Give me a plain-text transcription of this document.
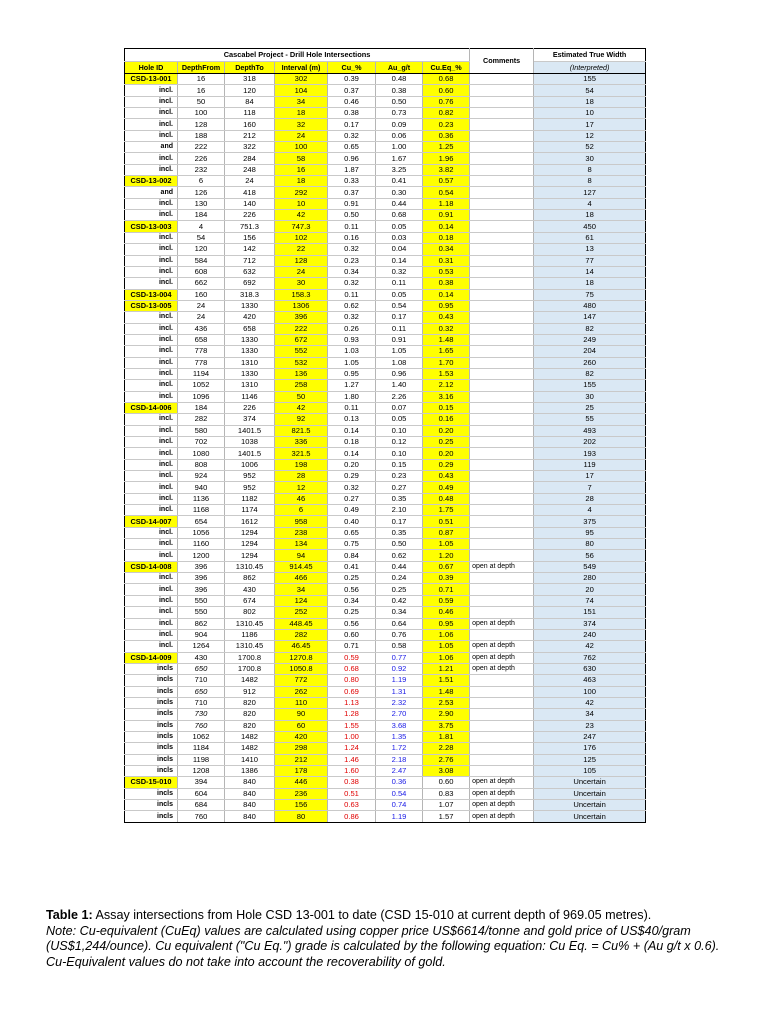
Cascabel Project - Drill Hole Intersections							Comments	Estimated True Width
Hole ID	DepthFrom	DepthTo	Interval (m)	Cu_%	Au_g/t	Cu.Eq_%		(Interpreted)
CSD-13-001	16	318	302	0.39	0.48	0.68		155
incl.	16	120	104	0.37	0.38	0.60		54
incl.	50	84	34	0.46	0.50	0.76		18
incl.	100	118	18	0.38	0.73	0.82		10
incl.	128	160	32	0.17	0.09	0.23		17
incl.	188	212	24	0.32	0.06	0.36		12
and	222	322	100	0.65	1.00	1.25		52
incl.	226	284	58	0.96	1.67	1.96		30
incl.	232	248	16	1.87	3.25	3.82		8
CSD-13-002	6	24	18	0.33	0.41	0.57		8
and	126	418	292	0.37	0.30	0.54		127
incl.	130	140	10	0.91	0.44	1.18		4
incl.	184	226	42	0.50	0.68	0.91		18
CSD-13-003	4	751.3	747.3	0.11	0.05	0.14		450
incl.	54	156	102	0.16	0.03	0.18		61
incl.	120	142	22	0.32	0.04	0.34		13
incl.	584	712	128	0.23	0.14	0.31		77
incl.	608	632	24	0.34	0.32	0.53		14
incl.	662	692	30	0.32	0.11	0.38		18
CSD-13-004	160	318.3	158.3	0.11	0.05	0.14		75
CSD-13-005	24	1330	1306	0.62	0.54	0.95		480
incl.	24	420	396	0.32	0.17	0.43		147
incl.	436	658	222	0.26	0.11	0.32		82
incl.	658	1330	672	0.93	0.91	1.48		249
incl.	778	1330	552	1.03	1.05	1.65		204
incl.	778	1310	532	1.05	1.08	1.70		260
incl.	1194	1330	136	0.95	0.96	1.53		82
incl.	1052	1310	258	1.27	1.40	2.12		155
incl.	1096	1146	50	1.80	2.26	3.16		30
CSD-14-006	184	226	42	0.11	0.07	0.15		25
incl.	282	374	92	0.13	0.05	0.16		55
incl.	580	1401.5	821.5	0.14	0.10	0.20		493
incl.	702	1038	336	0.18	0.12	0.25		202
incl.	1080	1401.5	321.5	0.14	0.10	0.20		193
incl.	808	1006	198	0.20	0.15	0.29		119
incl.	924	952	28	0.29	0.23	0.43		17
incl.	940	952	12	0.32	0.27	0.49		7
incl.	1136	1182	46	0.27	0.35	0.48		28
incl.	1168	1174	6	0.49	2.10	1.75		4
CSD-14-007	654	1612	958	0.40	0.17	0.51		375
incl.	1056	1294	238	0.65	0.35	0.87		95
incl.	1160	1294	134	0.75	0.50	1.05		80
incl.	1200	1294	94	0.84	0.62	1.20		56
CSD-14-008	396	1310.45	914.45	0.41	0.44	0.67	open at depth	549
incl.	396	862	466	0.25	0.24	0.39		280
incl.	396	430	34	0.56	0.25	0.71		20
incl.	550	674	124	0.34	0.42	0.59		74
incl.	550	802	252	0.25	0.34	0.46		151
incl.	862	1310.45	448.45	0.56	0.64	0.95	open at depth	374
incl.	904	1186	282	0.60	0.76	1.06		240
incl.	1264	1310.45	46.45	0.71	0.58	1.05	open at depth	42
CSD-14-009	430	1700.8	1270.8	0.59	0.77	1.06	open at depth	762
incls	650	1700.8	1050.8	0.68	0.92	1.21	open at depth	630
incls	710	1482	772	0.80	1.19	1.51		463
incls	650	912	262	0.69	1.31	1.48		100
incls	710	820	110	1.13	2.32	2.53		42
incls	730	820	90	1.28	2.70	2.90		34
incls	760	820	60	1.55	3.68	3.75		23
incls	1062	1482	420	1.00	1.35	1.81		247
incls	1184	1482	298	1.24	1.72	2.28		176
incls	1198	1410	212	1.46	2.18	2.76		125
incls	1208	1386	178	1.60	2.47	3.08		105
CSD-15-010	394	840	446	0.38	0.36	0.60	open at depth	Uncertain
incls	604	840	236	0.51	0.54	0.83	open at depth	Uncertain
incls	684	840	156	0.63	0.74	1.07	open at depth	Uncertain
incls	760	840	80	0.86	1.19	1.57	open at depth	Uncertain
Table 1: Assay intersections from Hole CSD 13-001 to date (CSD 15-010 at current depth of 969.05 metres).
Note: Cu-equivalent (CuEq) values are calculated using copper price US$6614/tonne and gold price of US$40/gram (US$1,244/ounce). Cu equivalent ("Cu Eq.") grade is calculated by the following equation: Cu Eq. = Cu% + (Au g/t x 0.6). Cu-Equivalent values do not take into account the recoverability of gold.
